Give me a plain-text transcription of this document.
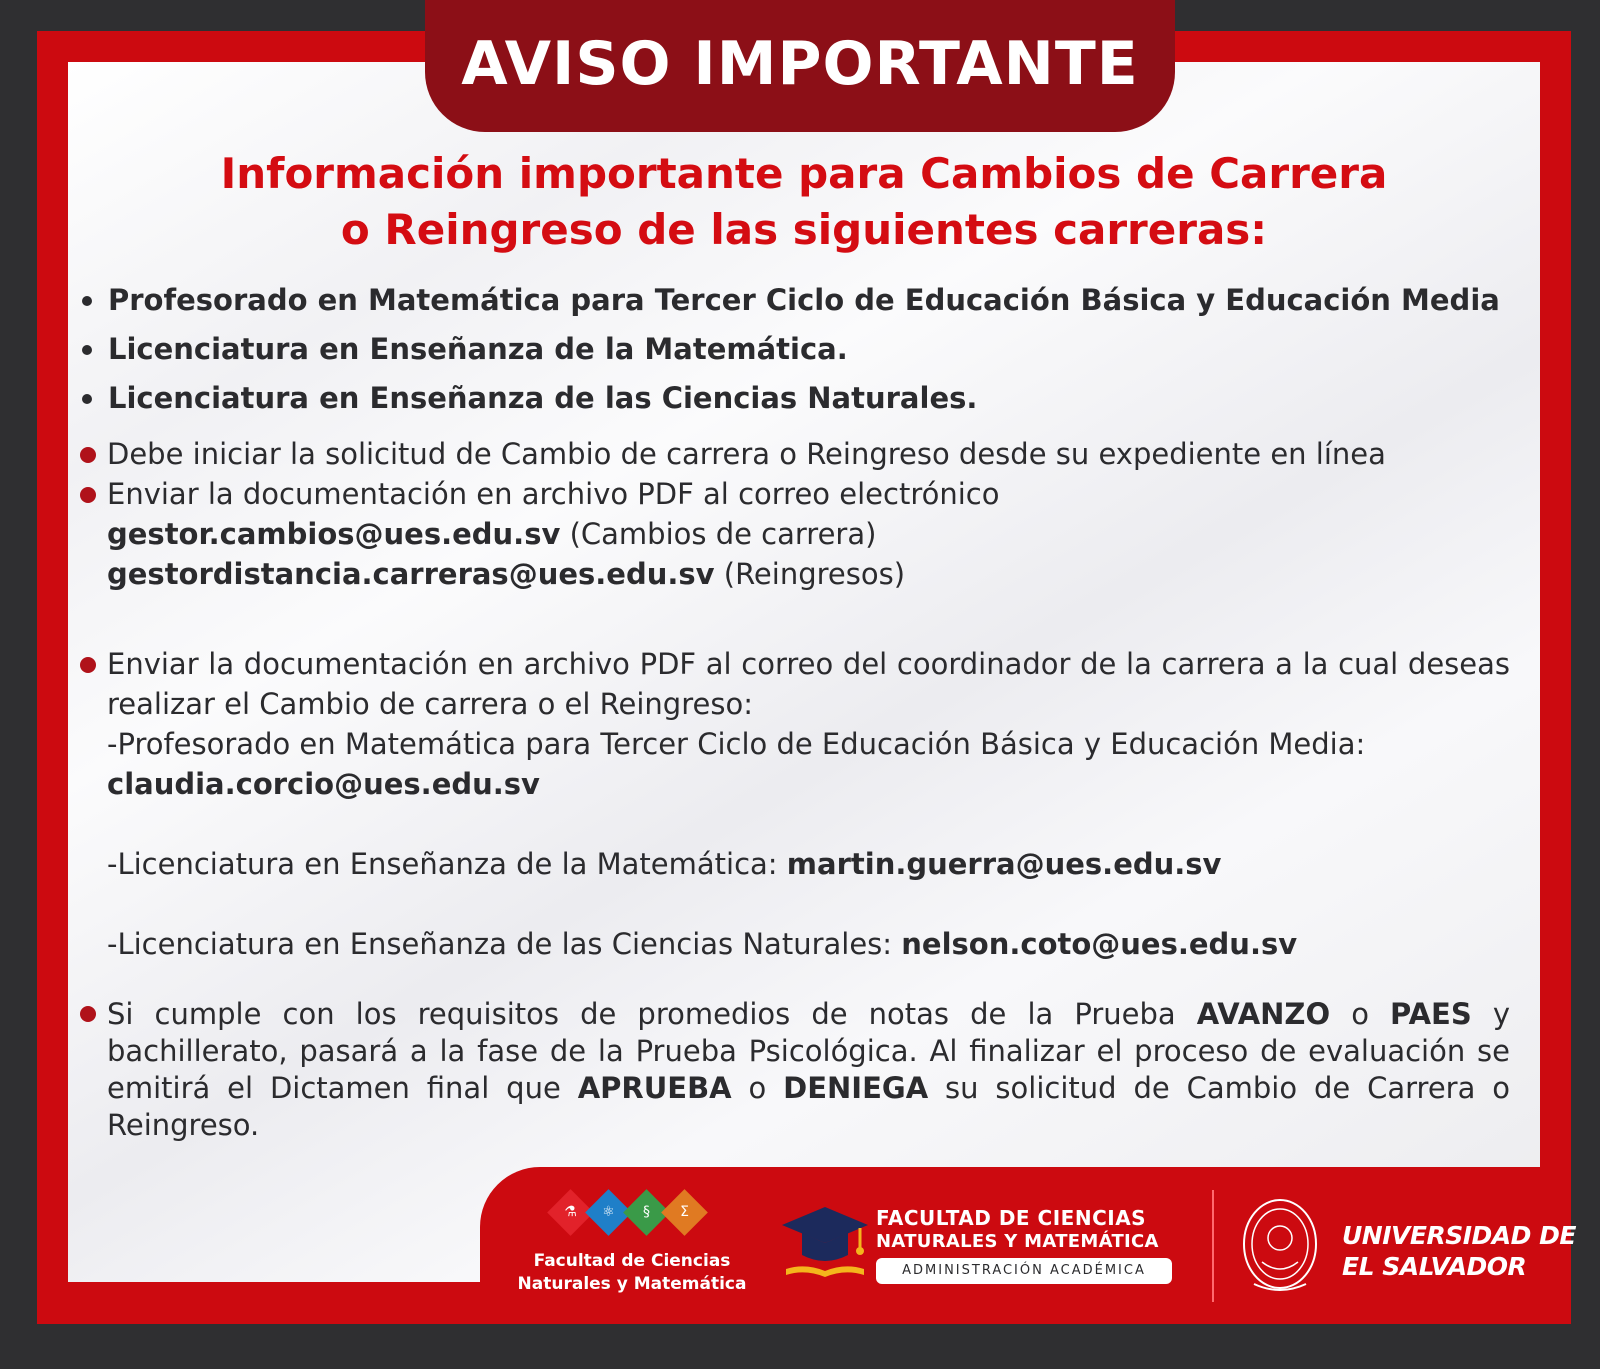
AVISO IMPORTANTE
Información importante para Cambios de Carrera
o Reingreso de las siguientes carreras:
Profesorado en Matemática para Tercer Ciclo de Educación Básica y Educación Media
Licenciatura en Enseñanza de la Matemática.
Licenciatura en Enseñanza de las Ciencias Naturales.
Debe iniciar la solicitud de Cambio de carrera o Reingreso desde su expediente en línea
Enviar la documentación en archivo PDF al correo electrónico
gestor.cambios@ues.edu.sv (Cambios de carrera)
gestordistancia.carreras@ues.edu.sv (Reingresos)
Enviar la documentación en archivo PDF al correo del coordinador de la carrera a la cual deseas realizar el Cambio de carrera o el Reingreso:
-Profesorado en Matemática para Tercer Ciclo de Educación Básica y Educación Media:
claudia.corcio@ues.edu.sv
-Licenciatura en Enseñanza de la Matemática: martin.guerra@ues.edu.sv
-Licenciatura en Enseñanza de las Ciencias Naturales: nelson.coto@ues.edu.sv
Si cumple con los requisitos de promedios de notas de la Prueba AVANZO o PAES y bachillerato, pasará a la fase de la Prueba Psicológica. Al finalizar el proceso de evaluación se emitirá el Dictamen final que APRUEBA o DENIEGA su solicitud de Cambio de Carrera o Reingreso.
⚗	⚛	§	Σ
Facultad de Ciencias
Naturales y Matemática
FACULTAD DE CIENCIAS
NATURALES Y MATEMÁTICA
ADMINISTRACIÓN ACADÉMICA
UNIVERSIDAD DE
EL SALVADOR
